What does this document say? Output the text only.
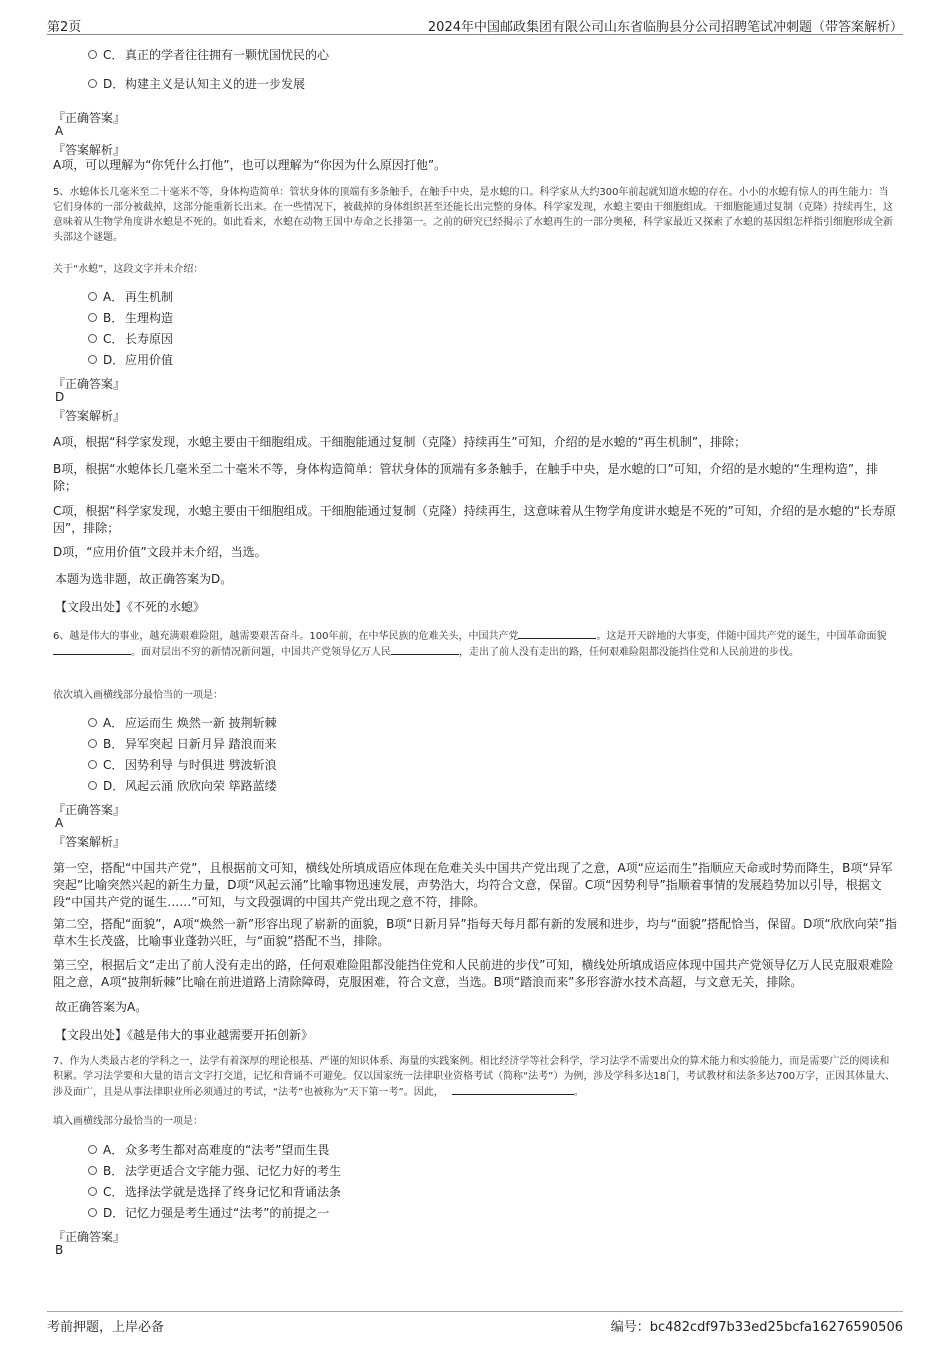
第2页	2024年中国邮政集团有限公司山东省临朐县分公司招聘笔试冲刺题（带答案解析）
C． 真正的学者往往拥有一颗忧国忧民的心
D．构建主义是认知主义的进一步发展
『正确答案』
A
『答案解析』
A项，可以理解为“你凭什么打他”，也可以理解为“你因为什么原因打他”。
5、水螅体长几毫米至二十毫米不等，身体构造简单：管状身体的顶端有多条触手，在触手中央，是水螅的口。科学家从大约300年前起就知道水螅的存在。小小的水螅有惊人的再生能力：当它们身体的一部分被截掉，这部分能重新长出来。在一些情况下，被截掉的身体组织甚至还能长出完整的身体。科学家发现，水螅主要由干细胞组成。干细胞能通过复制（克隆）持续再生，这意味着从生物学角度讲水螅是不死的。如此看来，水螅在动物王国中寿命之长排第一。之前的研究已经揭示了水螅再生的一部分奥秘，科学家最近又探索了水螅的基因组怎样指引细胞形成全新头部这个谜题。
关于“水螅”，这段文字并未介绍：
A． 再生机制
B． 生理构造
C． 长寿原因
D．应用价值
『正确答案』
D
『答案解析』
A项，根据“科学家发现，水螅主要由干细胞组成。干细胞能通过复制（克隆）持续再生”可知，介绍的是水螅的“再生机制”，排除；
B项，根据“水螅体长几毫米至二十毫米不等，身体构造简单：管状身体的顶端有多条触手，在触手中央，是水螅的口”可知，介绍的是水螅的“生理构造”，排除；
C项，根据“科学家发现，水螅主要由干细胞组成。干细胞能通过复制（克隆）持续再生，这意味着从生物学角度讲水螅是不死的”可知，介绍的是水螅的“长寿原因”，排除；
D项，“应用价值”文段并未介绍，当选。
本题为选非题，故正确答案为D。
【文段出处】《不死的水螅》
6、越是伟大的事业，越充满艰难险阻，越需要艰苦奋斗。100年前，在中华民族的危难关头，中国共产党	。这是开天辟地的大事变，伴随中国共产党的诞生，中国革命面貌。面对层出不穷的新情况新问题，中国共产党领导亿万人民	，走出了前人没有走出的路，任何艰难险阻都没能挡住党和人民前进的步伐。
依次填入画横线部分最恰当的一项是：
A． 应运而生 焕然一新 披荆斩棘
B． 异军突起 日新月异 踏浪而来
C． 因势利导 与时俱进 劈波斩浪
D．风起云涌 欣欣向荣 筚路蓝缕
『正确答案』
A
『答案解析』
第一空，搭配“中国共产党”，且根据前文可知，横线处所填成语应体现在危难关头中国共产党出现了之意，A项“应运而生”指顺应天命或时势而降生，B项“异军突起”比喻突然兴起的新生力量，D项“风起云涌”比喻事物迅速发展，声势浩大，均符合文意，保留。C项“因势利导”指顺着事情的发展趋势加以引导，根据文段“中国共产党的诞生……”可知，与文段强调的中国共产党出现之意不符，排除。
第二空，搭配“面貌”，A项“焕然一新”形容出现了崭新的面貌，B项“日新月异”指每天每月都有新的发展和进步，均与“面貌”搭配恰当，保留。D项“欣欣向荣”指草木生长茂盛，比喻事业蓬勃兴旺，与“面貌”搭配不当，排除。
第三空，根据后文“走出了前人没有走出的路，任何艰难险阻都没能挡住党和人民前进的步伐”可知，横线处所填成语应体现中国共产党领导亿万人民克服艰难险阻之意，A项“披荆斩棘”比喻在前进道路上清除障碍，克服困难，符合文意，当选。B项“踏浪而来”多形容游水技术高超，与文意无关，排除。
故正确答案为A。
【文段出处】《越是伟大的事业越需要开拓创新》
7、作为人类最古老的学科之一，法学有着深厚的理论根基、严谨的知识体系、海量的实践案例。相比经济学等社会科学，学习法学不需要出众的算术能力和实验能力，而是需要广泛的阅读和积累。学习法学要和大量的语言文字打交道，记忆和背诵不可避免。仅以国家统一法律职业资格考试（简称“法考”）为例，涉及学科多达18门，考试教材和法条多达700万字，正因其体量大、涉及面广，且是从事法律职业所必须通过的考试，“法考”也被称为“天下第一考”。因此，	。
填入画横线部分最恰当的一项是：
A． 众多考生都对高难度的“法考”望而生畏
B． 法学更适合文字能力强、记忆力好的考生
C． 选择法学就是选择了终身记忆和背诵法条
D．记忆力强是考生通过“法考”的前提之一
『正确答案』
B
考前押题，上岸必备	编号：bc482cdf97b33ed25bcfa16276590506
